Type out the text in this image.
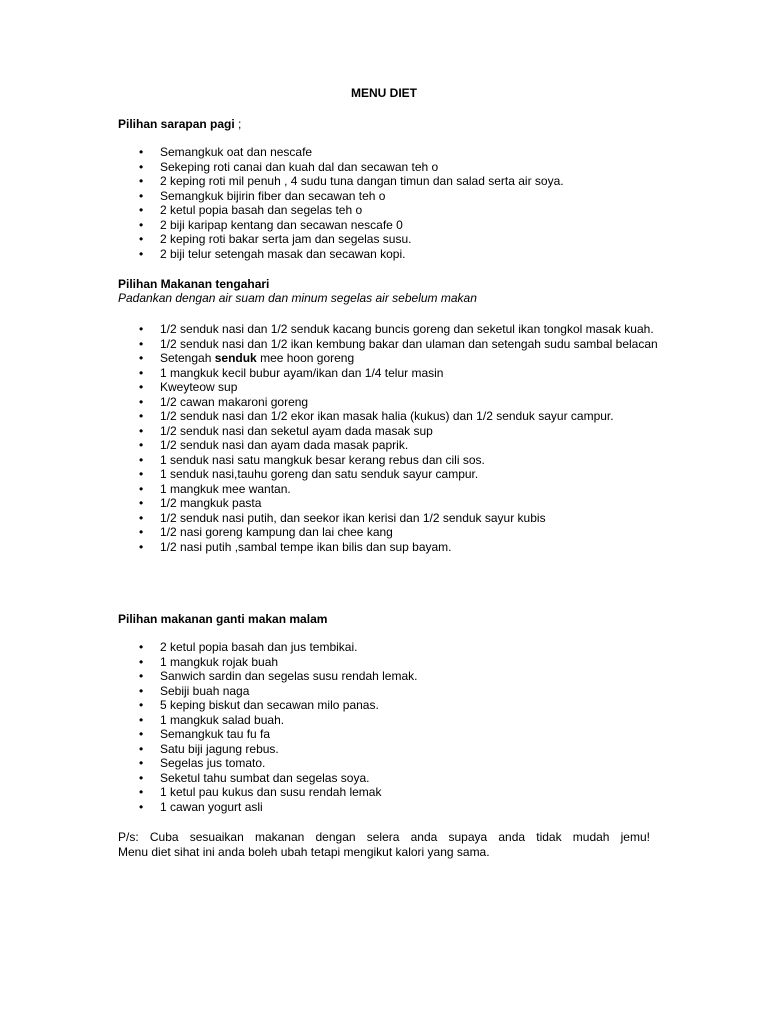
MENU DIET
Pilihan sarapan pagi ;
• Semangkuk oat dan nescafe
• Sekeping roti canai dan kuah dal dan secawan teh o
• 2 keping roti mil penuh , 4 sudu tuna dangan timun dan salad serta air soya.
• Semangkuk bijirin fiber dan secawan teh o
• 2 ketul popia basah dan segelas teh o
• 2 biji karipap kentang dan secawan nescafe 0
• 2 keping roti bakar serta jam dan segelas susu.
• 2 biji telur setengah masak dan secawan kopi.
Pilihan Makanan tengahari
Padankan dengan air suam dan minum segelas air sebelum makan
• 1/2 senduk nasi dan 1/2 senduk kacang buncis goreng dan seketul ikan tongkol masak kuah.
• 1/2 senduk nasi dan 1/2 ikan kembung bakar dan ulaman dan setengah sudu sambal belacan
• Setengah senduk mee hoon goreng
• 1 mangkuk kecil bubur ayam/ikan dan 1/4 telur masin
• Kweyteow sup
• 1/2 cawan makaroni goreng
• 1/2 senduk nasi dan 1/2 ekor ikan masak halia (kukus) dan 1/2 senduk sayur campur.
• 1/2 senduk nasi dan seketul ayam dada masak sup
• 1/2 senduk nasi dan ayam dada masak paprik.
• 1 senduk nasi satu mangkuk besar kerang rebus dan cili sos.
• 1 senduk nasi,tauhu goreng dan satu senduk sayur campur.
• 1 mangkuk mee wantan.
• 1/2 mangkuk pasta
• 1/2 senduk nasi putih, dan seekor ikan kerisi dan 1/2 senduk sayur kubis
• 1/2 nasi goreng kampung dan lai chee kang
• 1/2 nasi putih ,sambal tempe ikan bilis dan sup bayam.
Pilihan makanan ganti makan malam
• 2 ketul popia basah dan jus tembikai.
• 1 mangkuk rojak buah
• Sanwich sardin dan segelas susu rendah lemak.
• Sebiji buah naga
• 5 keping biskut dan secawan milo panas.
• 1 mangkuk salad buah.
• Semangkuk tau fu fa
• Satu biji jagung rebus.
• Segelas jus tomato.
• Seketul tahu sumbat dan segelas soya.
• 1 ketul pau kukus dan susu rendah lemak
• 1 cawan yogurt asli
P/s: Cuba sesuaikan makanan dengan selera anda supaya anda tidak mudah jemu!
Menu diet sihat ini anda boleh ubah tetapi mengikut kalori yang sama.
